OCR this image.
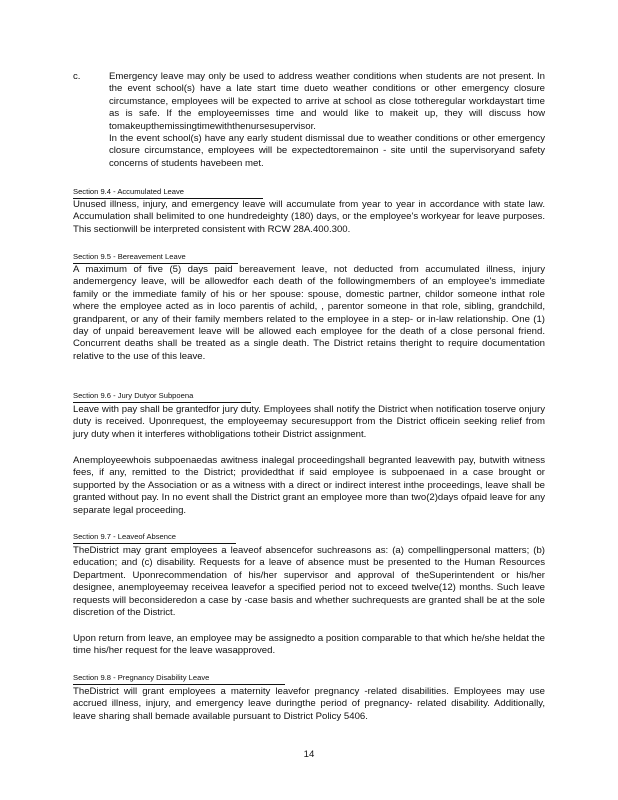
c.	Emergency leave may only be used to address weather conditions when students are not present. In the event school(s) have a late start time dueto weather conditions or other emergency closure circumstance, employees will be expected to arrive at school as close totheregular workdaystart time as is safe. If the employeemisses time and would like to makeit up, they will discuss how tomakeupthemissingtimewiththenursesupervisor.

In the event school(s) have any early student dismissal due to weather conditions or other emergency closure circumstance, employees will be expectedtoremainon - site until the supervisoryand safety concerns of students havebeen met.

Section 9.4 - Accumulated Leave

Unused illness, injury, and emergency leave will accumulate from year to year in accordance with state law. Accumulation shall belimited to one hundredeighty (180) days, or the employee's workyear for leave purposes. This sectionwill be interpreted consistent with RCW 28A.400.300.

Section 9.5 - Bereavement Leave

A maximum of five (5) days paid bereavement leave, not deducted from accumulated illness, injury andemergency leave, will be allowedfor each death of the followingmembers of an employee's immediate family or the immediate family of his or her spouse: spouse, domestic partner, childor someone inthat role where the employee acted as in loco parentis of achild, , parentor someone in that role, sibling, grandchild, grandparent, or any of their family members related to the employee in a step- or in-law relationship. One (1) day of unpaid bereavement leave will be allowed each employee for the death of a close personal friend. Concurrent deaths shall be treated as a single death. The District retains theright to require documentation relative to the use of this leave.

Section 9.6 - Jury Dutyor Subpoena

Leave with pay shall be grantedfor jury duty. Employees shall notify the District when notification toserve onjury duty is received. Uponrequest, the employeemay securesupport from the District officein seeking relief from jury duty when it interferes withobligations totheir District assignment.

Anemployeewhois subpoenaedas awitness inalegal proceedingshall begranted leavewith pay, butwith witness fees, if any, remitted to the District; providedthat if said employee is subpoenaed in a case brought or supported by the Association or as a witness with a direct or indirect interest inthe proceedings, leave shall be granted without pay. In no event shall the District grant an employee more than two(2)days ofpaid leave for any separate legal proceeding.

Section 9.7 - Leaveof Absence

TheDistrict may grant employees a leaveof absencefor suchreasons as: (a) compellingpersonal matters; (b) education; and (c) disability. Requests for a leave of absence must be presented to the Human Resources Department. Uponrecommendation of his/her supervisor and approval of theSuperintendent or his/her designee, anemployeemay receivea leavefor a specified period not to exceed twelve(12) months. Such leave requests will beconsideredon a case by -case basis and whether suchrequests are granted shall be at the sole discretion of the District.

Upon return from leave, an employee may be assignedto a position comparable to that which he/she heldat the time his/her request for the leave wasapproved.

Section 9.8 - Pregnancy Disability Leave

TheDistrict will grant employees a maternity leavefor pregnancy -related disabilities. Employees may use accrued illness, injury, and emergency leave duringthe period of pregnancy- related disability. Additionally, leave sharing shall bemade available pursuant to District Policy 5406.

14
